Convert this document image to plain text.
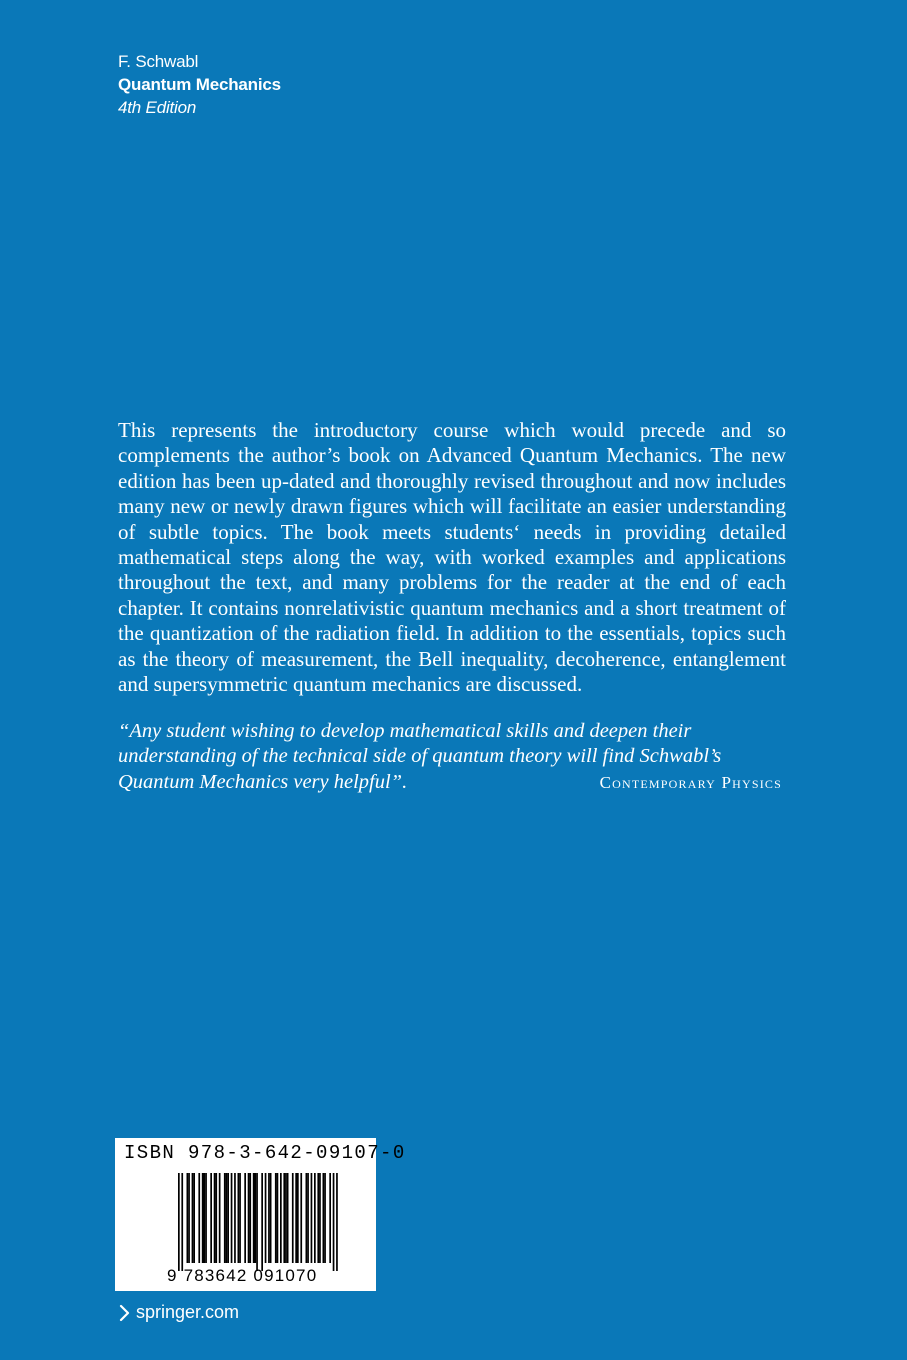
F. Schwabl
Quantum Mechanics
4th Edition

This represents the introductory course which would precede and so complements the author’s book on Advanced Quantum Mechanics. The new edition has been up-dated and thoroughly revised throughout and now includes many new or newly drawn figures which will facilitate an easier understanding of subtle topics. The book meets students‘ needs in providing detailed mathematical steps along the way, with worked examples and applications throughout the text, and many problems for the reader at the end of each chapter. It contains nonrelativistic quantum mechanics and a short treatment of the quantization of the radiation field. In addition to the essentials, topics such as the theory of measurement, the Bell inequality, decoherence, entanglement and supersymmetric quantum mechanics are discussed.

“Any student wishing to develop mathematical skills and deepen their
understanding of the technical side of quantum theory will find Schwabl’s
Quantum Mechanics very helpful”.	Contemporary Physics
ISBN 978-3-642-09107-0
9 783642 091070
springer.com
